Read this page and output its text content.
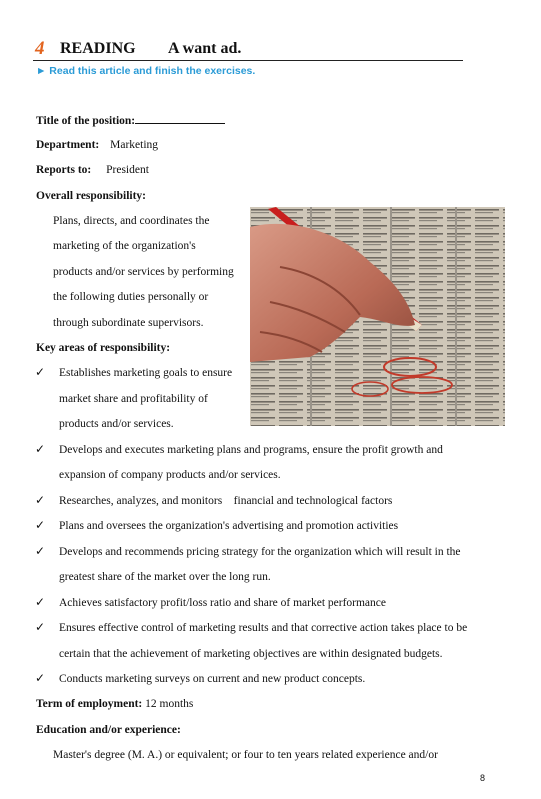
4 READING A want ad.
► Read this article and finish the exercises.
Title of the position:
Department: Marketing
Reports to: President
Overall responsibility:
Plans, directs, and coordinates the
marketing of the organization's
products and/or services by performing
the following duties personally or
through subordinate supervisors.
Key areas of responsibility:
✓ Establishes marketing goals to ensure
market share and profitability of
products and/or services.
✓ Develops and executes marketing plans and programs, ensure the profit growth and
expansion of company products and/or services.
✓ Researches, analyzes, and monitors    financial and technological factors
✓ Plans and oversees the organization's advertising and promotion activities
✓ Develops and recommends pricing strategy for the organization which will result in the
greatest share of the market over the long run.
✓ Achieves satisfactory profit/loss ratio and share of market performance
✓ Ensures effective control of marketing results and that corrective action takes place to be
certain that the achievement of marketing objectives are within designated budgets.
✓ Conducts marketing surveys on current and new product concepts.
Term of employment: 12 months
Education and/or experience:
Master's degree (M. A.) or equivalent; or four to ten years related experience and/or
8
